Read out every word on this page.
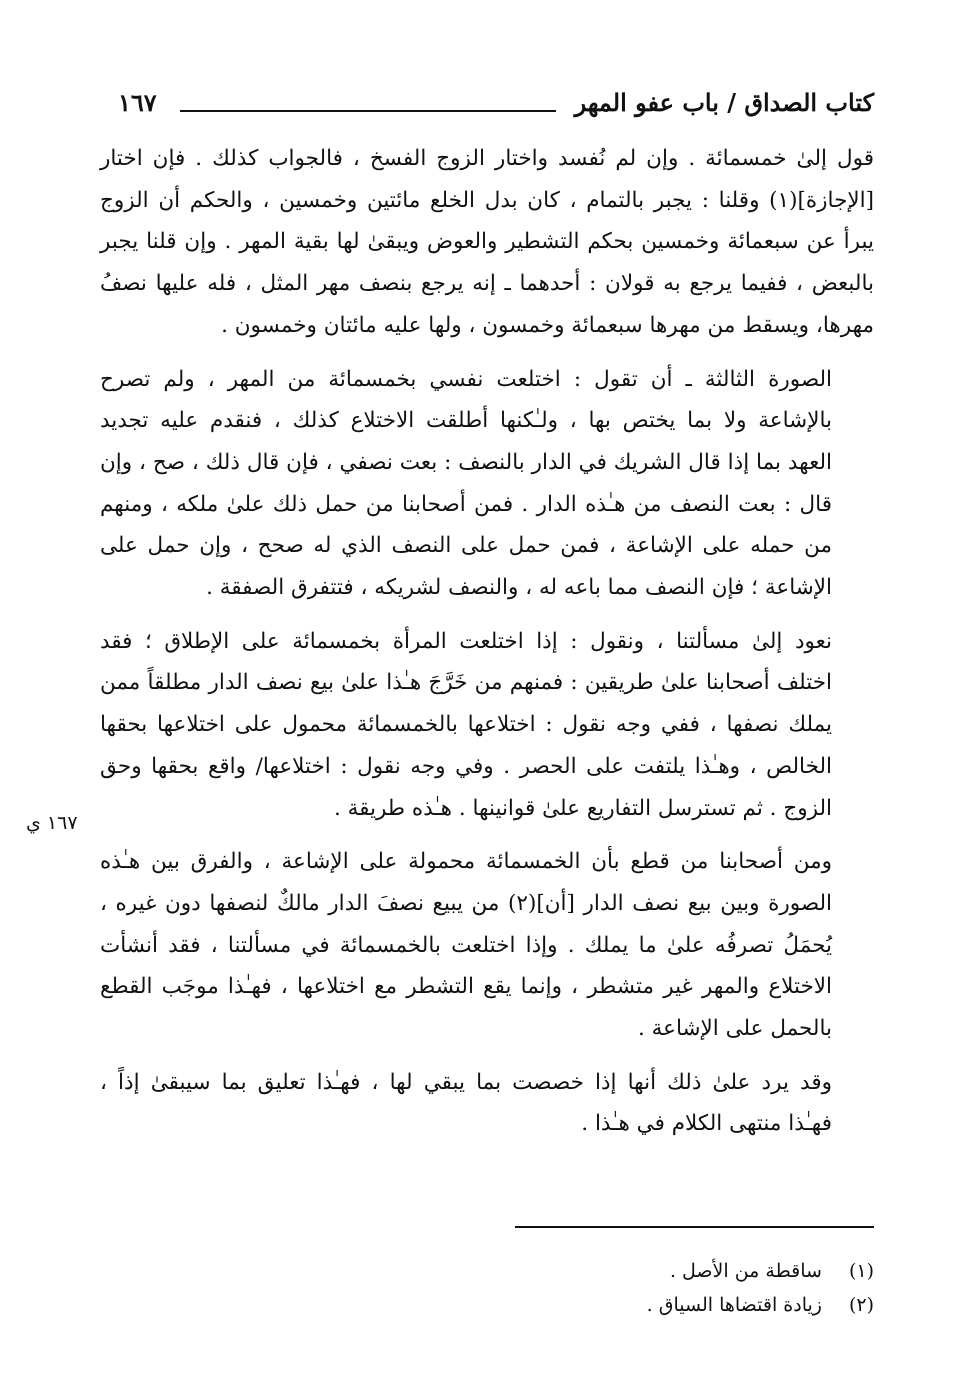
كتاب الصداق / باب عفو المهر
١٦٧

قول إلىٰ خمسمائة . وإن لم نُفسد واختار الزوج الفسخ ، فالجواب كذلك . فإن اختار
[الإجازة](١) وقلنا : يجبر بالتمام ، كان بدل الخلع مائتين وخمسين ، والحكم أن الزوج
يبرأ عن سبعمائة وخمسين بحكم التشطير والعوض ويبقىٰ لها بقية المهر . وإن قلنا يجبر
بالبعض ، ففيما يرجع به قولان : أحدهما ـ إنه يرجع بنصف مهر المثل ، فله عليها نصفُ
مهرها، ويسقط من مهرها سبعمائة وخمسون ، ولها عليه مائتان وخمسون .

الصورة الثالثة ـ أن تقول : اختلعت نفسي بخمسمائة من المهر ، ولم تصرح
بالإشاعة ولا بما يختص بها ، ولـٰكنها أطلقت الاختلاع كذلك ، فنقدم عليه تجديد
العهد بما إذا قال الشريك في الدار بالنصف : بعت نصفي ، فإن قال ذلك ، صح ، وإن
قال : بعت النصف من هـٰذه الدار . فمن أصحابنا من حمل ذلك علىٰ ملكه ، ومنهم
من حمله على الإشاعة ، فمن حمل على النصف الذي له صحح ، وإن حمل على
الإشاعة ؛ فإن النصف مما باعه له ، والنصف لشريكه ، فتتفرق الصفقة .

نعود إلىٰ مسألتنا ، ونقول : إذا اختلعت المرأة بخمسمائة على الإطلاق ؛ فقد
اختلف أصحابنا علىٰ طريقين : فمنهم من خَرَّجَ هـٰذا علىٰ بيع نصف الدار مطلقاً ممن
يملك نصفها ، ففي وجه نقول : اختلاعها بالخمسمائة محمول على اختلاعها بحقها
الخالص ، وهـٰذا يلتفت على الحصر . وفي وجه نقول : اختلاعها/ واقع بحقها وحق
الزوج . ثم تسترسل التفاريع علىٰ قوانينها . هـٰذه طريقة .

ومن أصحابنا من قطع بأن الخمسمائة محمولة على الإشاعة ، والفرق بين هـٰذه
الصورة وبين بيع نصف الدار [أن](٢) من يبيع نصفَ الدار مالكٌ لنصفها دون غيره ،
يُحمَلُ تصرفُه علىٰ ما يملك . وإذا اختلعت بالخمسمائة في مسألتنا ، فقد أنشأت
الاختلاع والمهر غير متشطر ، وإنما يقع التشطر مع اختلاعها ، فهـٰذا موجَب القطع
بالحمل على الإشاعة .

وقد يرد علىٰ ذلك أنها إذا خصصت بما يبقي لها ، فهـٰذا تعليق بما سيبقىٰ إذاً ،
فهـٰذا منتهى الكلام في هـٰذا .

١٦٧ ي
(١) ساقطة من الأصل .
(٢) زيادة اقتضاها السياق .
